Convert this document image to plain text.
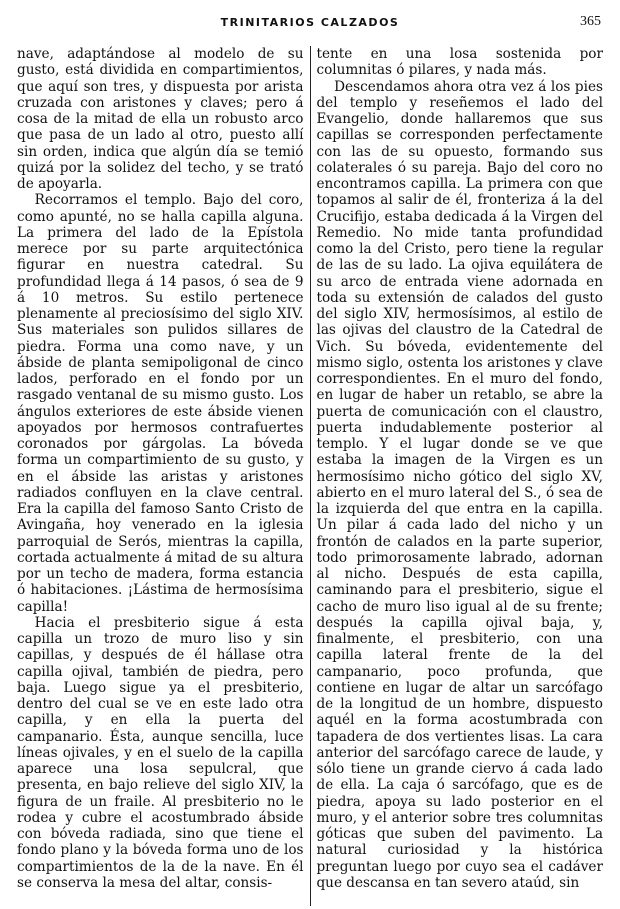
TRINITARIOS CALZADOS	365

nave, adaptándose al modelo de su gusto, está dividida en compartimientos, que aquí son tres, y dispuesta por arista cruzada con aristones y claves; pero á cosa de la mitad de ella un robusto arco que pasa de un lado al otro, puesto allí sin orden, indica que algún día se temió quizá por la solidez del techo, y se trató de apoyarla.

Recorramos el templo. Bajo del coro, como apunté, no se halla capilla alguna. La primera del lado de la Epístola merece por su parte arquitectónica figurar en nuestra catedral. Su profundidad llega á 14 pasos, ó sea de 9 á 10 metros. Su estilo pertenece plenamente al preciosísimo del siglo XIV. Sus materiales son pulidos sillares de piedra. Forma una como nave, y un ábside de planta semipoligonal de cinco lados, perforado en el fondo por un rasgado ventanal de su mismo gusto. Los ángulos exteriores de este ábside vienen apoyados por hermosos contrafuertes coronados por gárgolas. La bóveda forma un compartimiento de su gusto, y en el ábside las aristas y aristones radiados confluyen en la clave central. Era la capilla del famoso Santo Cristo de Avingaña, hoy venerado en la iglesia parroquial de Serós, mientras la capilla, cortada actualmente á mitad de su altura por un techo de madera, forma estancia ó habitaciones. ¡Lástima de hermosísima capilla!

Hacia el presbiterio sigue á esta capilla un trozo de muro liso y sin capillas, y después de él hállase otra capilla ojival, también de piedra, pero baja. Luego sigue ya el presbiterio, dentro del cual se ve en este lado otra capilla, y en ella la puerta del campanario. Ésta, aunque sencilla, luce líneas ojivales, y en el suelo de la capilla aparece una losa sepulcral, que presenta, en bajo relieve del siglo XIV, la figura de un fraile. Al presbiterio no le rodea y cubre el acostumbrado ábside con bóveda radiada, sino que tiene el fondo plano y la bóveda forma uno de los compartimientos de la de la nave. En él se conserva la mesa del altar, consis-

tente en una losa sostenida por columnitas ó pilares, y nada más.

Descendamos ahora otra vez á los pies del templo y reseñemos el lado del Evangelio, donde hallaremos que sus capillas se corresponden perfectamente con las de su opuesto, formando sus colaterales ó su pareja. Bajo del coro no encontramos capilla. La primera con que topamos al salir de él, fronteriza á la del Crucifijo, estaba dedicada á la Virgen del Remedio. No mide tanta profundidad como la del Cristo, pero tiene la regular de las de su lado. La ojiva equilátera de su arco de entrada viene adornada en toda su extensión de calados del gusto del siglo XIV, hermosísimos, al estilo de las ojivas del claustro de la Catedral de Vich. Su bóveda, evidentemente del mismo siglo, ostenta los aristones y clave correspondientes. En el muro del fondo, en lugar de haber un retablo, se abre la puerta de comunicación con el claustro, puerta indudablemente posterior al templo. Y el lugar donde se ve que estaba la imagen de la Virgen es un hermosísimo nicho gótico del siglo XV, abierto en el muro lateral del S., ó sea de la izquierda del que entra en la capilla. Un pilar á cada lado del nicho y un frontón de calados en la parte superior, todo primorosamente labrado, adornan al nicho. Después de esta capilla, caminando para el presbiterio, sigue el cacho de muro liso igual al de su frente; después la capilla ojival baja, y, finalmente, el presbiterio, con una capilla lateral frente de la del campanario, poco profunda, que contiene en lugar de altar un sarcófago de la longitud de un hombre, dispuesto aquél en la forma acostumbrada con tapadera de dos vertientes lisas. La cara anterior del sarcófago carece de laude, y sólo tiene un grande ciervo á cada lado de ella. La caja ó sarcófago, que es de piedra, apoya su lado posterior en el muro, y el anterior sobre tres columnitas góticas que suben del pavimento. La natural curiosidad y la histórica preguntan luego por cuyo sea el cadáver que descansa en tan severo ataúd, sin
